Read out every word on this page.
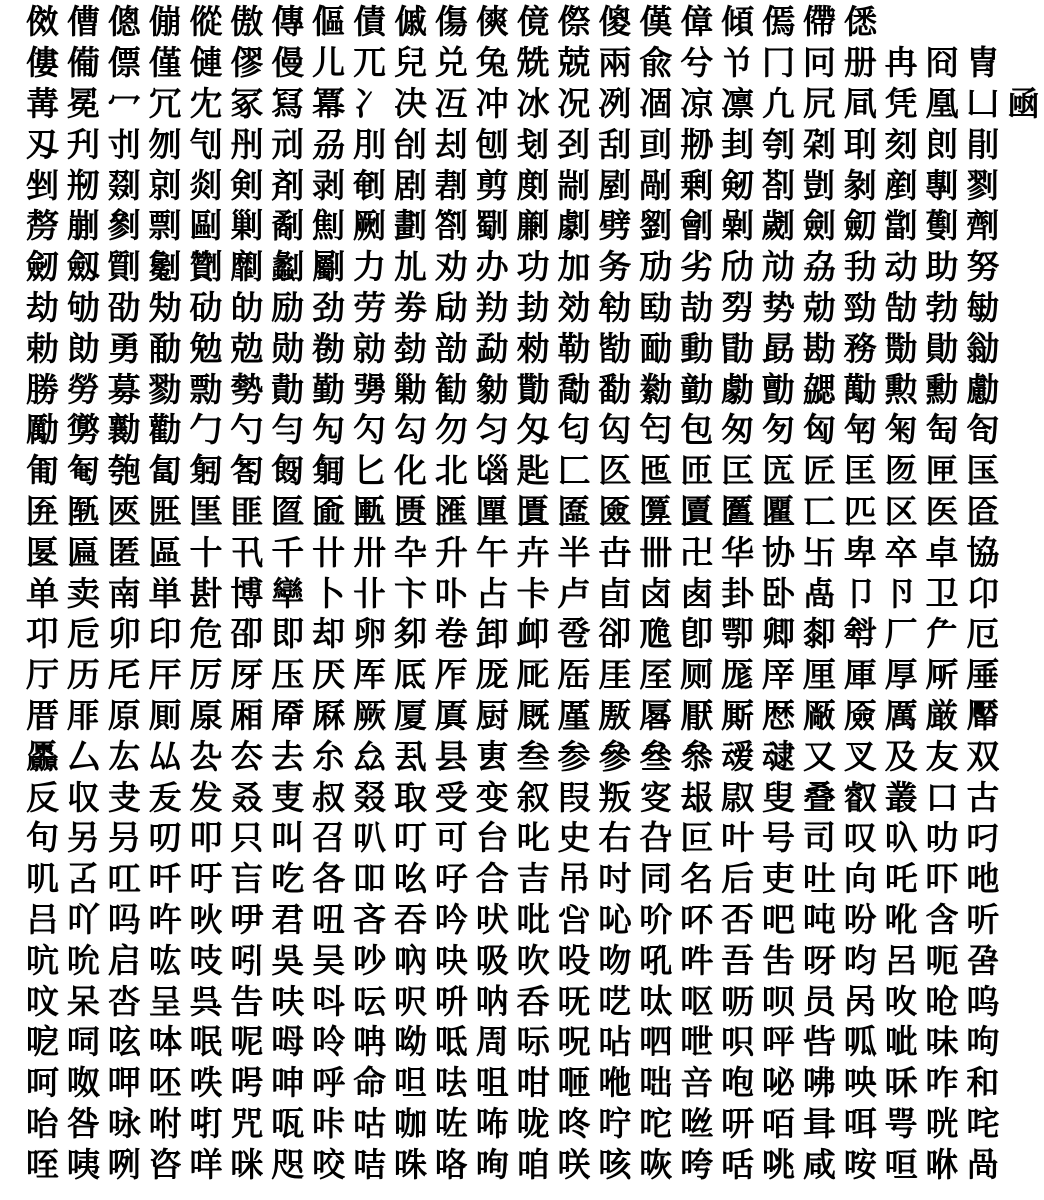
傚 傮 傯 傰 傱 傲 傳 傴 債 傶 傷 傸 傹 傺 傻 傼 傽 傾 傿 僀 僁
僂 僃 僄 僅 僆 僇 僈 儿 兀 兒 兑 兔 兟 兢 兩 兪 兮 兯 冂 冋 册 冉 冏 冑
冓 冕 冖 冗 冘 冢 冩 冪 冫 决 冱 冲 冰 况 冽 凅 凉 凛 凢 凥 凬 凭 凰 凵 凾
刄 刋 刌 刎 刏 刐 刓 刕 刖 刣 刦 刨 刬 刭 刮 刯 刱 刲 刳 刴 刵 刻 剆 剈
剉 剏 剟 剠 剡 剣 剤 剥 剦 剧 剨 剪 剫 剬 剭 剮 剰 剱 剳 剴 剶 剷 剸 剹
剺 剻 剼 剽 剾 剿 劀 劁 劂 劃 劄 劅 劆 劇 劈 劉 劊 劋 劌 劍 劎 劏 劐 劑
劒 劔 劕 劖 劗 劘 劙 劚 力 劜 劝 办 功 加 务 劢 劣 劤 劥 劦 劧 动 助 努
劫 劬 劭 劮 劯 劰 励 劲 劳 劵 劶 劷 劸 効 劺 劻 劼 劽 势 勀 勁 勂 勃 勄
勅 勆 勇 勈 勉 勊 勋 勌 勍 勎 勏 勐 勑 勒 勓 勔 動 勖 勗 勘 務 勚 勛 勜
勝 勞 募 勠 勡 勢 勣 勤 勥 勦 勧 勨 勩 勪 勫 勬 勭 勮 勯 勰 勱 勲 勳 勴
勵 勶 勷 勸 勹 勺 勻 勼 勽 勾 勿 匀 匁 匂 匃 匄 包 匆 匇 匈 匉 匊 匋 匌
匍 匎 匏 匐 匑 匒 匓 匔 匕 化 北 匘 匙 匚 匛 匜 匝 匞 匟 匠 匡 匢 匣 匤
匥 匦 匧 匨 匩 匪 匫 匬 匭 匮 匯 匰 匱 匲 匳 匴 匵 匶 匷 匸 匹 区 医 匼
匽 匾 匿 區 十 卂 千 卄 卅 卆 升 午 卉 半 卋 卌 卍 华 协 卐 卑 卒 卓 協
单 卖 南 単 卙 博 卛 卜 卝 卞 卟 占 卡 卢 卣 卤 卥 卦 卧 卨 卩 卪 卫 卬
卭 卮 卯 印 危 卲 即 却 卵 卶 卷 卸 卹 卺 卻 卼 卽 卾 卿 厀 厁 厂 厃 厄
厅 历 厇 厈 厉 厊 压 厌 厍 厎 厏 厐 厑 厒 厓 厔 厕 厖 厗 厘 厙 厚 厛 厜
厝 厞 原 厠 厡 厢 厣 厤 厥 厦 厧 厨 厩 厪 厫 厬 厭 厮 厯 厰 厱 厲 厳 厴
厵 厶 厷 厸 厹 厺 去 厼 厽 厾 县 叀 叁 参 參 叄 叅 叆 叇 又 叉 及 友 双
反 収 叏 叐 发 叒 叓 叔 叕 取 受 变 叙 叚 叛 叜 叝 叞 叟 叠 叡 叢 口 古
句 另 叧 叨 叩 只 叫 召 叭 叮 可 台 叱 史 右 叴 叵 叶 号 司 叹 叺 叻 叼
叽 叾 叿 吀 吁 吂 吃 各 吅 吆 吇 合 吉 吊 吋 同 名 后 吏 吐 向 吒 吓 吔
吕 吖 吗 吘 吙 吚 君 吜 吝 吞 吟 吠 吡 吢 吣 吤 吥 否 吧 吨 吩 吪 含 听
吭 吮 启 吰 吱 吲 吳 吴 吵 吶 吷 吸 吹 吺 吻 吼 吽 吾 吿 呀 呁 呂 呃 呄
呅 呆 呇 呈 呉 告 呋 呌 呍 呎 呏 呐 呑 呒 呓 呔 呕 呖 呗 员 呙 呚 呛 呜
呝 呞 呟 呠 呡 呢 呣 呤 呥 呦 呧 周 呩 呪 呫 呬 呭 呮 呯 呰 呱 呲 味 呴
呵 呶 呷 呸 呹 呺 呻 呼 命 呾 呿 咀 咁 咂 咃 咄 咅 咆 咇 咈 咉 咊 咋 和
咍 咎 咏 咐 咑 咒 咓 咔 咕 咖 咗 咘 咙 咚 咛 咜 咝 咞 咟 咠 咡 咢 咣 咤
咥 咦 咧 咨 咩 咪 咫 咬 咭 咮 咯 咰 咱 咲 咳 咴 咵 咶 咷 咸 咹 咺 咻 咼
